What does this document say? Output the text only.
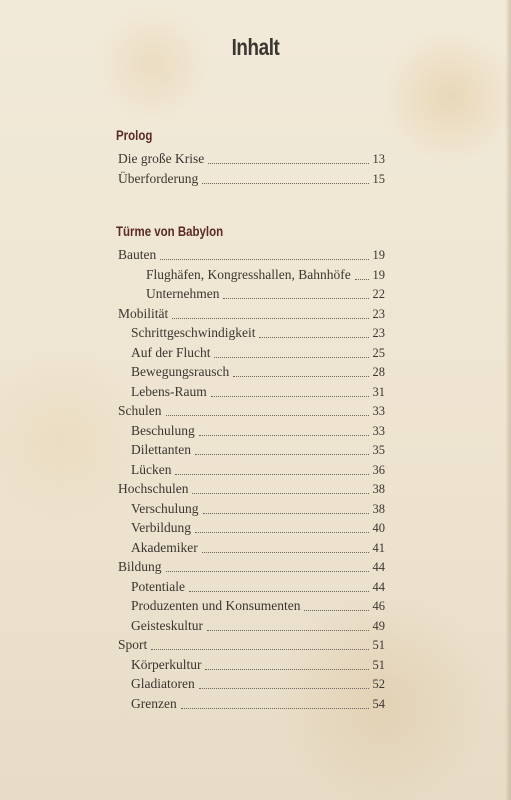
Inhalt
Prolog
Türme von Babylon
Die große Krise	13
Überforderung	15
Bauten	19
Flughäfen, Kongresshallen, Bahnhöfe 19
Unternehmen	22
Mobilität	23
Schrittgeschwindigkeit	23
Auf der Flucht	25
Bewegungsrausch	28
Lebens-Raum	31
Schulen	33
Beschulung	33
Dilettanten	35
Lücken	36
Hochschulen	38
Verschulung	38
Verbildung	40
Akademiker	41
Bildung	44
Potentiale	44
Produzenten und Konsumenten	46
Geisteskultur	49
Sport	51
Körperkultur	51
Gladiatoren	52
Grenzen	54
